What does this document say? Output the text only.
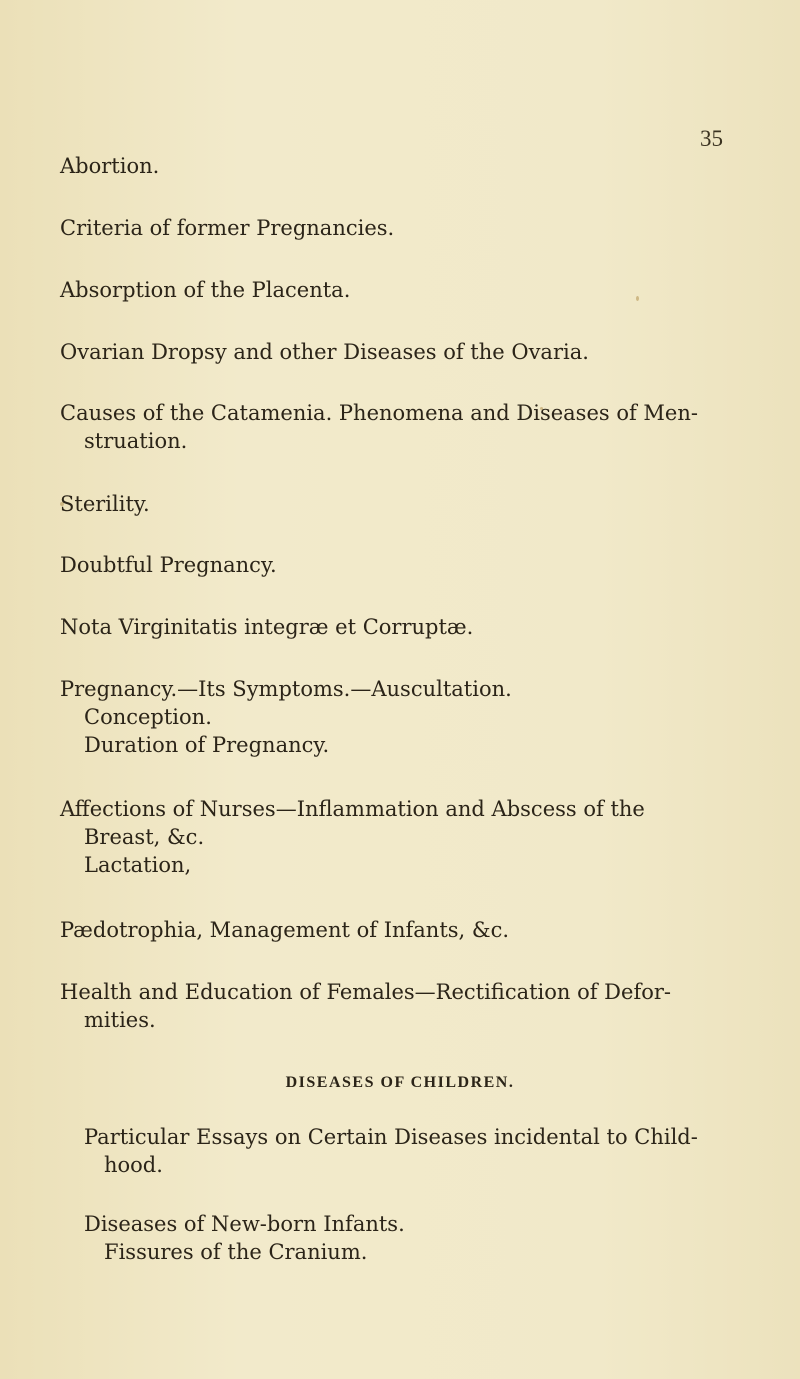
35

Abortion.

Criteria of former Pregnancies.

Absorption of the Placenta.

Ovarian Dropsy and other Diseases of the Ovaria.

Causes of the Catamenia. Phenomena and Diseases of Men-
struation.

Sterility.

Doubtful Pregnancy.

Nota Virginitatis integræ et Corruptæ.

Pregnancy.—Its Symptoms.—Auscultation.
Conception.
Duration of Pregnancy.

Affections of Nurses—Inflammation and Abscess of the
Breast, &c.
Lactation,

Pædotrophia, Management of Infants, &c.

Health and Education of Females—Rectification of Defor-
mities.

DISEASES OF CHILDREN.

Particular Essays on Certain Diseases incidental to Child-
hood.

Diseases of New-born Infants.
Fissures of the Cranium.
